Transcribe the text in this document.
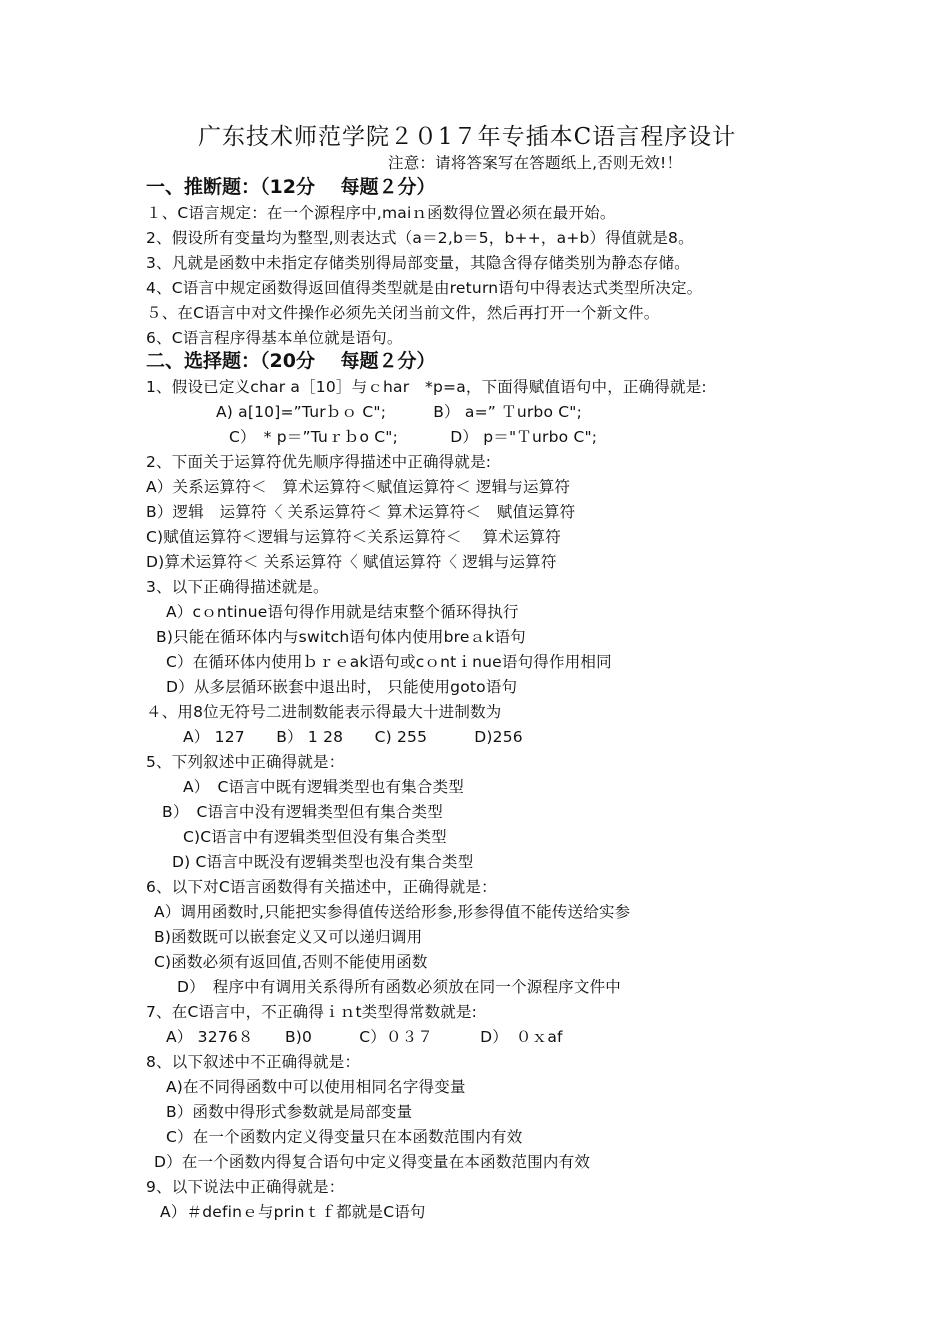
广东技术师范学院２０1７年专插本C语言程序设计
注意：请将答案写在答题纸上,否则无效!！
一、推断题：（12分　 每题２分）
１、C语言规定：在一个源程序中,maiｎ函数得位置必须在最开始。
2、假设所有变量均为整型,则表达式（a＝2,b＝5，b++，a+b）得值就是8。
3、凡就是函数中未指定存储类别得局部变量，其隐含得存储类别为静态存储。
4、C语言中规定函数得返回值得类型就是由return语句中得表达式类型所决定。
５、在C语言中对文件操作必须先关闭当前文件，然后再打开一个新文件。
6、C语言程序得基本单位就是语句。
二、选择题：（20分　 每题２分）
1、假设已定义char a［10］与ｃhar　*p=a，下面得赋值语句中，正确得就是:
A) a[10]=”Turｂｏ C";　　　B） a=” Ｔurbo C";
C）　* p＝”Tuｒｂo C";　　　 D） p＝"Ｔurbo C";
2、下面关于运算符优先顺序得描述中正确得就是:
A）关系运算符＜　算术运算符＜赋值运算符＜ 逻辑与运算符
B）逻辑　运算符〈 关系运算符＜ 算术运算符＜　赋值运算符
C)赋值运算符＜逻辑与运算符＜关系运算符＜　 算术运算符
D)算术运算符＜ 关系运算符〈 赋值运算符〈 逻辑与运算符
3、以下正确得描述就是。
A）cｏntinue语句得作用就是结束整个循环得执行
B)只能在循环体内与switch语句体内使用breａk语句
C）在循环体内使用ｂｒｅak语句或cｏntｉnue语句得作用相同
D）从多层循环嵌套中退出时， 只能使用goto语句
４、用8位无符号二进制数能表示得最大十进制数为
A） 127　　B） 1 28　　C) 255　　　D)256
5、下列叙述中正确得就是：
A）　C语言中既有逻辑类型也有集合类型
B）　C语言中没有逻辑类型但有集合类型
C)C语言中有逻辑类型但没有集合类型
D) C语言中既没有逻辑类型也没有集合类型
6、以下对C语言函数得有关描述中，正确得就是：
A）调用函数时,只能把实参得值传送给形参,形参得值不能传送给实参
B)函数既可以嵌套定义又可以递归调用
C)函数必须有返回值,否则不能使用函数
D）　程序中有调用关系得所有函数必须放在同一个源程序文件中
7、在C语言中，不正确得ｉｎt类型得常数就是:
A） 3276８　　B)0　　　C）０３７　　　D）　０ｘaf
8、以下叙述中不正确得就是：
A)在不同得函数中可以使用相同名字得变量
B）函数中得形式参数就是局部变量
C）在一个函数内定义得变量只在本函数范围内有效
D）在一个函数内得复合语句中定义得变量在本函数范围内有效
9、以下说法中正确得就是：
A）＃definｅ与prinｔｆ都就是C语句
